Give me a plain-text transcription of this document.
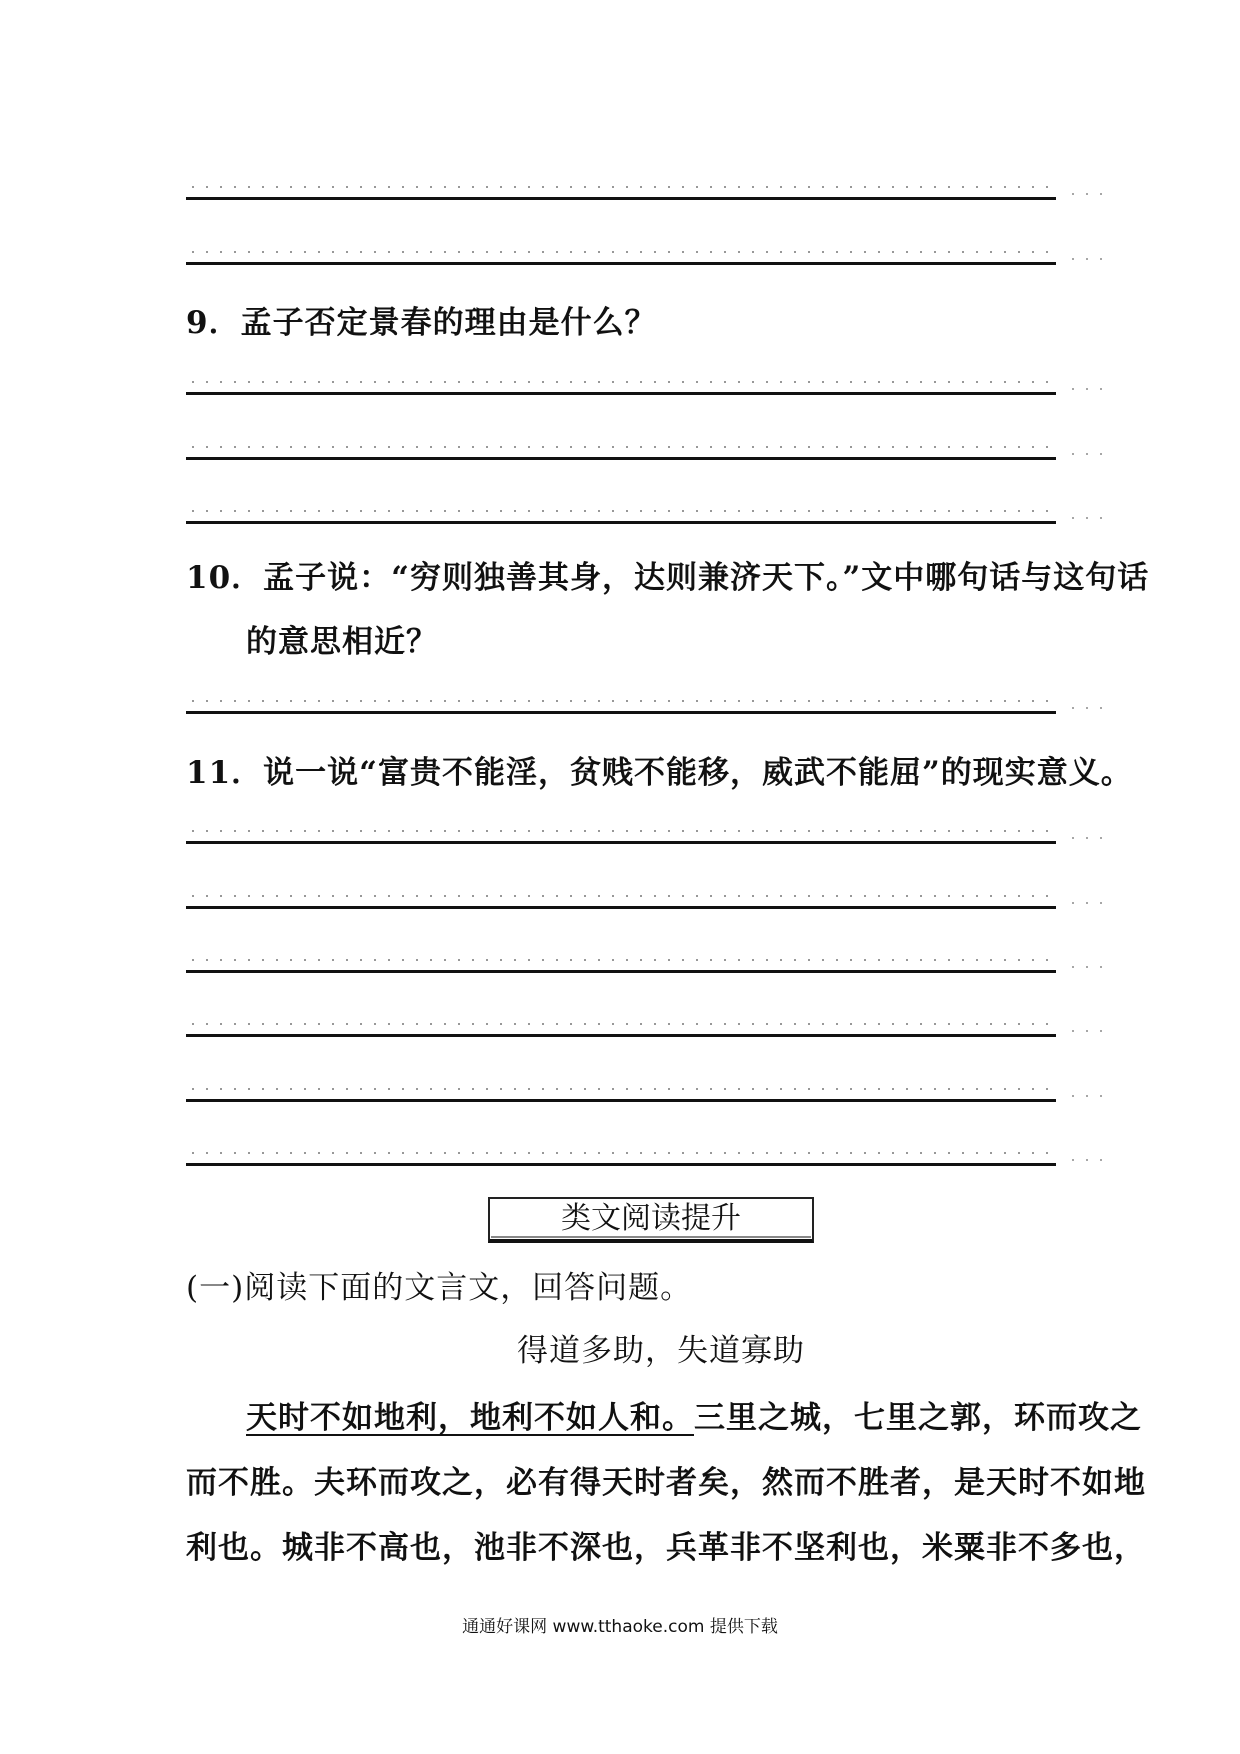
9．孟子否定景春的理由是什么？
10．孟子说：“穷则独善其身，达则兼济天下。”文中哪句话与这句话
的意思相近？
11．说一说“富贵不能淫，贫贱不能移，威武不能屈”的现实意义。
类文阅读提升
(一)阅读下面的文言文，回答问题。
得道多助，失道寡助
天时不如地利，地利不如人和。三里之城，七里之郭，环而攻之
而不胜。夫环而攻之，必有得天时者矣，然而不胜者，是天时不如地
利也。城非不高也，池非不深也，兵革非不坚利也，米粟非不多也，
通通好课网 www.tthaoke.com 提供下载
